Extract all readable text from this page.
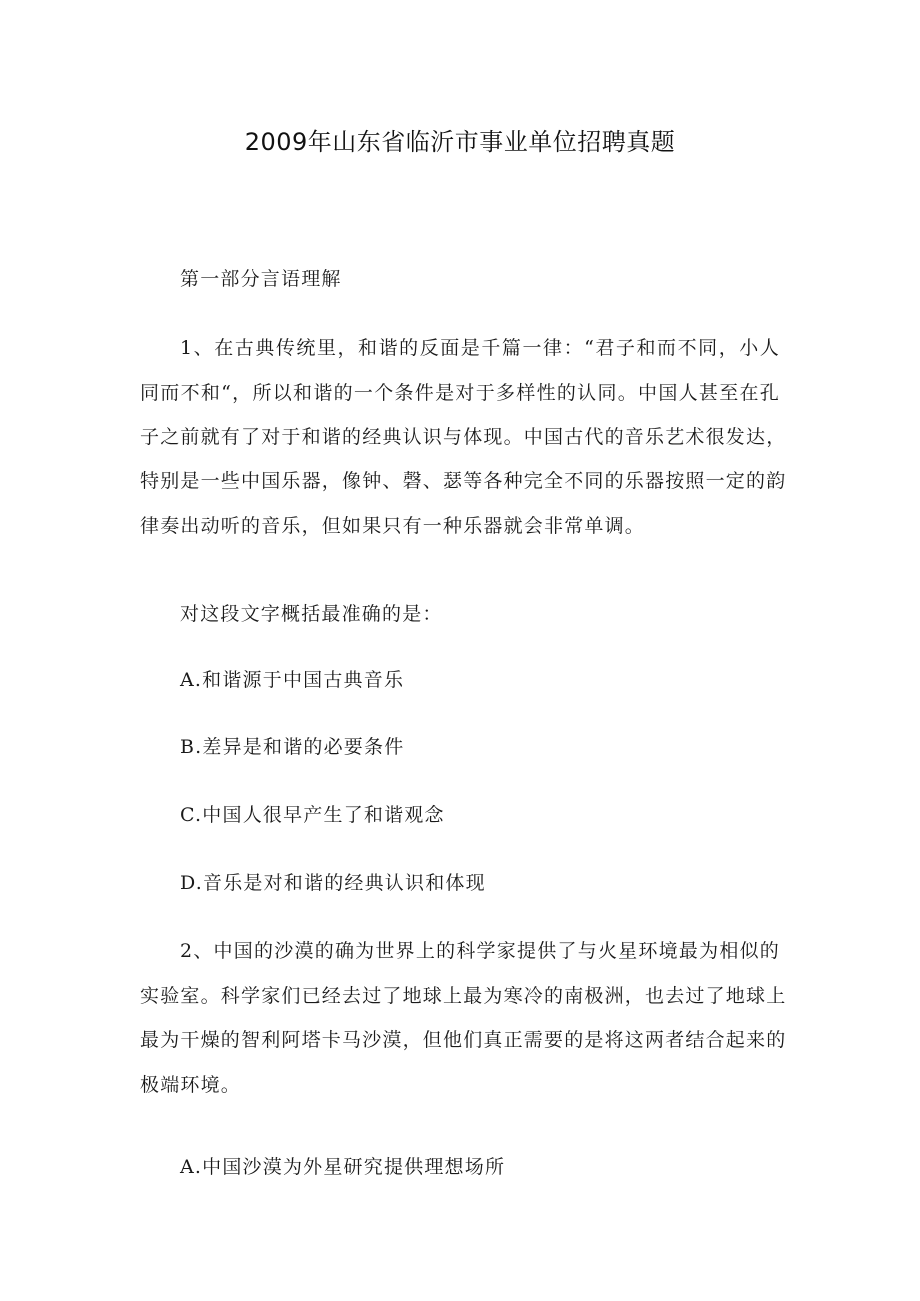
2009年山东省临沂市事业单位招聘真题

第一部分言语理解

1、在古典传统里，和谐的反面是千篇一律：“君子和而不同，小人

同而不和“，所以和谐的一个条件是对于多样性的认同。中国人甚至在孔

子之前就有了对于和谐的经典认识与体现。中国古代的音乐艺术很发达，

特别是一些中国乐器，像钟、磬、瑟等各种完全不同的乐器按照一定的韵

律奏出动听的音乐，但如果只有一种乐器就会非常单调。

对这段文字概括最准确的是：

A.和谐源于中国古典音乐

B.差异是和谐的必要条件

C.中国人很早产生了和谐观念

D.音乐是对和谐的经典认识和体现

2、中国的沙漠的确为世界上的科学家提供了与火星环境最为相似的

实验室。科学家们已经去过了地球上最为寒冷的南极洲，也去过了地球上

最为干燥的智利阿塔卡马沙漠，但他们真正需要的是将这两者结合起来的

极端环境。

A.中国沙漠为外星研究提供理想场所
